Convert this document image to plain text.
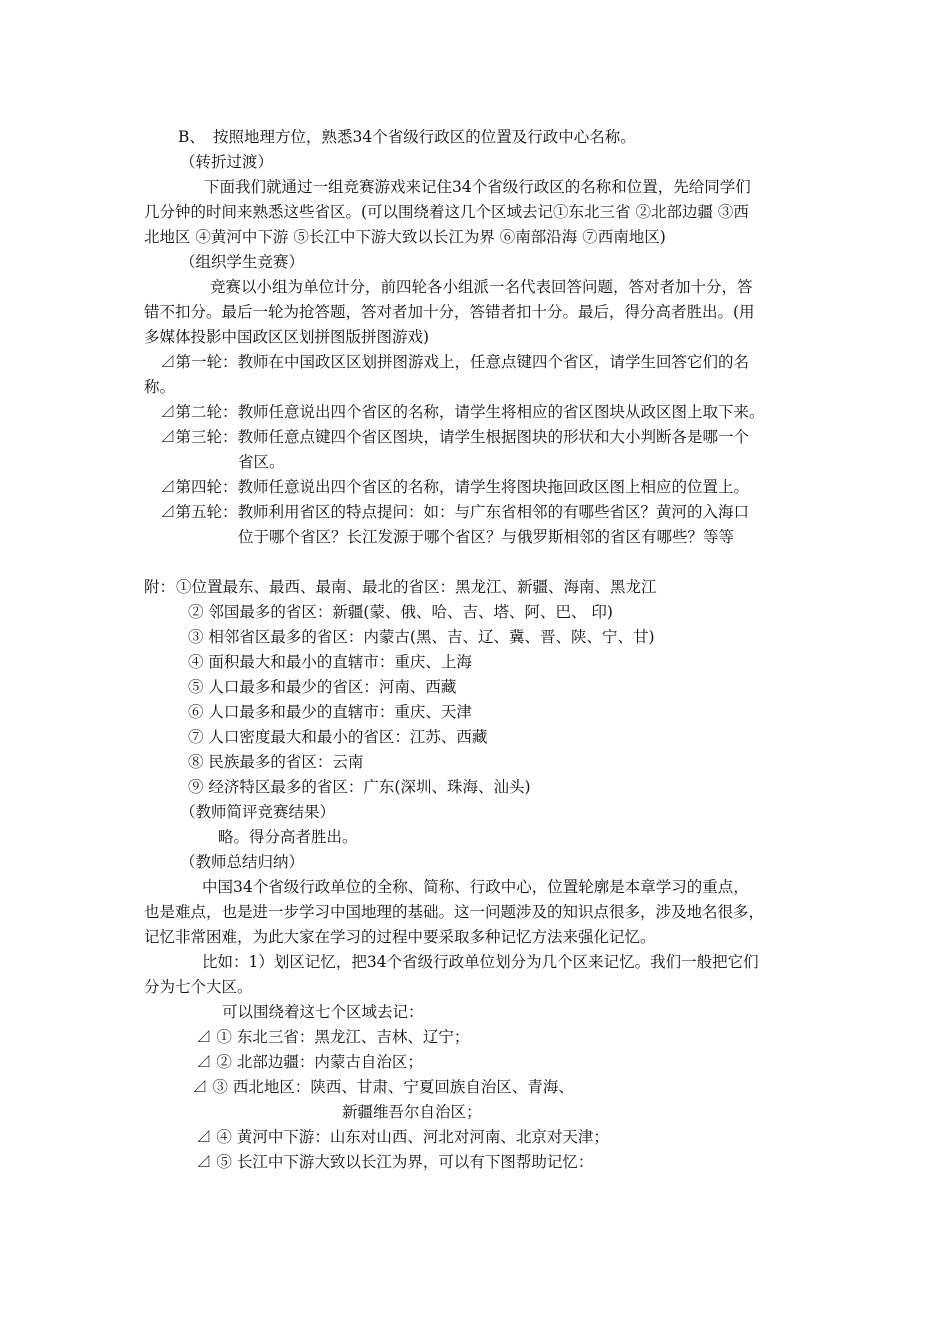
B、 按照地理方位，熟悉34个省级行政区的位置及行政中心名称。

（转折过渡）

下面我们就通过一组竞赛游戏来记住34个省级行政区的名称和位置，先给同学们

几分钟的时间来熟悉这些省区。(可以围绕着这几个区域去记①东北三省 ②北部边疆 ③西

北地区 ④黄河中下游 ⑤长江中下游大致以长江为界 ⑥南部沿海 ⑦西南地区)

（组织学生竞赛）

竞赛以小组为单位计分，前四轮各小组派一名代表回答问题，答对者加十分，答

错不扣分。最后一轮为抢答题，答对者加十分，答错者扣十分。最后，得分高者胜出。(用

多媒体投影中国政区区划拼图版拼图游戏)

⊿第一轮：教师在中国政区区划拼图游戏上，任意点键四个省区，请学生回答它们的名

称。

⊿第二轮：教师任意说出四个省区的名称，请学生将相应的省区图块从政区图上取下来。

⊿第三轮：教师任意点键四个省区图块，请学生根据图块的形状和大小判断各是哪一个

省区。

⊿第四轮：教师任意说出四个省区的名称，请学生将图块拖回政区图上相应的位置上。

⊿第五轮：教师利用省区的特点提问：如：与广东省相邻的有哪些省区？黄河的入海口

位于哪个省区？长江发源于哪个省区？与俄罗斯相邻的省区有哪些？等等

附： ①位置最东、最西、最南、最北的省区：黑龙江、新疆、海南、黑龙江

② 邻国最多的省区：新疆(蒙、俄、哈、吉、塔、阿、巴、 印)

③ 相邻省区最多的省区：内蒙古(黑、吉、辽、冀、晋、陕、宁、甘)

④ 面积最大和最小的直辖市：重庆、上海

⑤ 人口最多和最少的省区：河南、西藏

⑥ 人口最多和最少的直辖市：重庆、天津

⑦ 人口密度最大和最小的省区：江苏、西藏

⑧ 民族最多的省区：云南

⑨ 经济特区最多的省区：广东(深圳、珠海、汕头)

（教师简评竞赛结果）

略。得分高者胜出。

（教师总结归纳）

中国34个省级行政单位的全称、简称、行政中心，位置轮廓是本章学习的重点，

也是难点，也是进一步学习中国地理的基础。这一问题涉及的知识点很多，涉及地名很多，

记忆非常困难，为此大家在学习的过程中要采取多种记忆方法来强化记忆。

比如：1）划区记忆，把34个省级行政单位划分为几个区来记忆。我们一般把它们

分为七个大区。

可以围绕着这七个区域去记：

⊿ ① 东北三省：黑龙江、吉林、辽宁；

⊿ ② 北部边疆：内蒙古自治区；

⊿ ③ 西北地区：陕西、甘肃、宁夏回族自治区、青海、

新疆维吾尔自治区；

⊿ ④ 黄河中下游：山东对山西、河北对河南、北京对天津；

⊿ ⑤ 长江中下游大致以长江为界，可以有下图帮助记忆：
